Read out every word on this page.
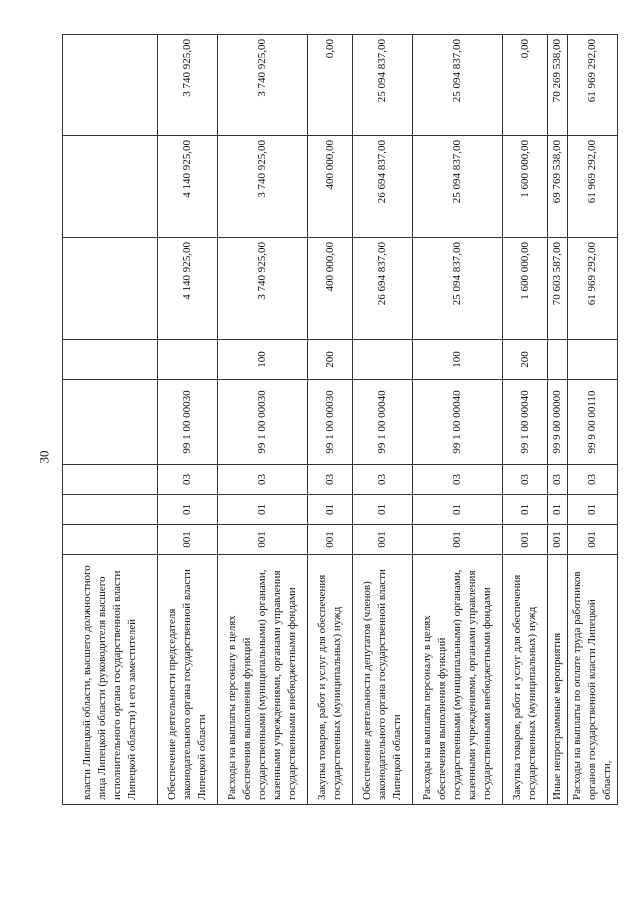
30
власти Липецкой области, высшего должностного лица Липецкой области (руководителя высшего исполнительного органа государственной власти Липецкой области) и его заместителей								
Обеспечение деятельности председателя законодательного органа государственной власти Липецкой области	001	01	03	99 1 00 00030		4 140 925,00	4 140 925,00	3 740 925,00
Расходы на выплаты персоналу в целях обеспечения выполнения функций государственными (муниципальными) органами, казенными учреждениями, органами управления государственными внебюджетными фондами	001	01	03	99 1 00 00030	100	3 740 925,00	3 740 925,00	3 740 925,00
Закупка товаров, работ и услуг для обеспечения государственных (муниципальных) нужд	001	01	03	99 1 00 00030	200	400 000,00	400 000,00	0,00
Обеспечение деятельности депутатов (членов) законодательного органа государственной власти Липецкой области	001	01	03	99 1 00 00040		26 694 837,00	26 694 837,00	25 094 837,00
Расходы на выплаты персоналу в целях обеспечения выполнения функций государственными (муниципальными) органами, казенными учреждениями, органами управления государственными внебюджетными фондами	001	01	03	99 1 00 00040	100	25 094 837,00	25 094 837,00	25 094 837,00
Закупка товаров, работ и услуг для обеспечения государственных (муниципальных) нужд	001	01	03	99 1 00 00040	200	1 600 000,00	1 600 000,00	0,00
Иные непрограммные мероприятия	001	01	03	99 9 00 00000		70 603 587,00	69 769 538,00	70 269 538,00
Расходы на выплаты по оплате труда работников органов государственной власти Липецкой области,	001	01	03	99 9 00 00110		61 969 292,00	61 969 292,00	61 969 292,00
